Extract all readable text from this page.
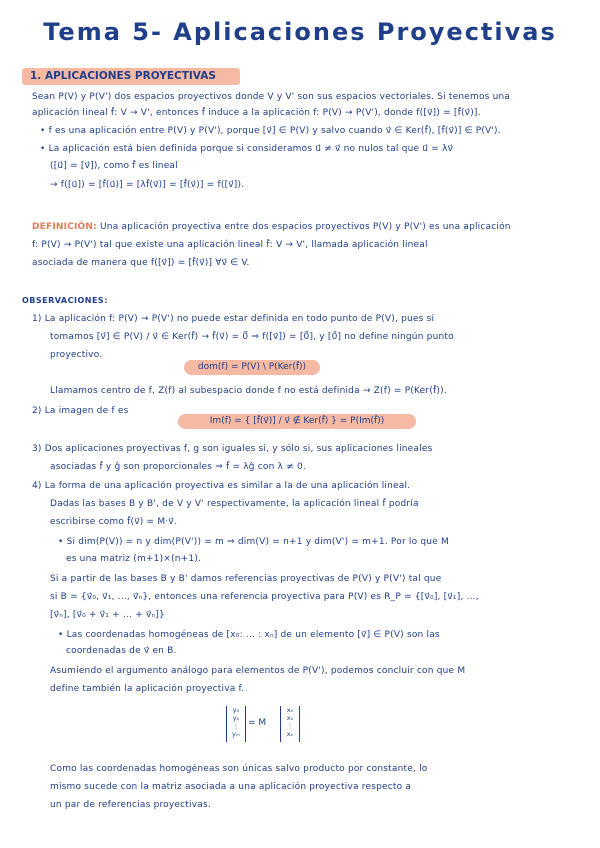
Tema 5- Aplicaciones Proyectivas
1. APLICACIONES PROYECTIVAS
Sean P(V) y P(V') dos espacios proyectivos donde V y V' son sus espacios vectoriales. Si tenemos una
aplicación lineal f̂: V → V', entonces f̂ induce a la aplicación f: P(V) → P(V'), donde f([v⃗]) = [f̂(v⃗)].
• f es una aplicación entre P(V) y P(V'), porque [v⃗] ∈ P(V) y salvo cuando v⃗ ∈ Ker(f̂), [f̂(v⃗)] ∈ P(V').
• La aplicación está bien definida porque si consideramos u⃗ ≠ v⃗ no nulos tal que u⃗ = λv⃗
([u⃗] = [v⃗]), como f̂ es lineal
→ f([u⃗]) = [f̂(u⃗)] = [λf̂(v⃗)] = [f̂(v⃗)] = f([v⃗]).
DEFINICIÓN: Una aplicación proyectiva entre dos espacios proyectivos P(V) y P(V') es una aplicación
f: P(V) → P(V') tal que existe una aplicación lineal f̂: V → V', llamada aplicación lineal
asociada de manera que f([v⃗]) = [f̂(v⃗)] ∀v⃗ ∈ V.
OBSERVACIONES:
1) La aplicación f: P(V) → P(V') no puede estar definida en todo punto de P(V), pues si
tomamos [v⃗] ∈ P(V) / v⃗ ∈ Ker(f̂) → f̂(v⃗) = 0⃗ ⇒ f([v⃗]) = [0⃗], y [0⃗] no define ningún punto
proyectivo.
dom(f) = P(V) \ P(Ker(f̂))
Llamamos centro de f, Z(f) al subespacio donde f no está definida → Z(f) = P(Ker(f̂)).
2) La imagen de f es
Im(f) = { [f̂(v⃗)] / v⃗ ∉ Ker(f̂) } = P(Im(f̂))
3) Dos aplicaciones proyectivas f, g son iguales si, y sólo si, sus aplicaciones lineales
asociadas f̂ y ĝ son proporcionales ⇒ f̂ = λĝ con λ ≠ 0.
4) La forma de una aplicación proyectiva es similar a la de una aplicación lineal.
Dadas las bases B y B', de V y V' respectivamente, la aplicación lineal f̂ podría
escribirse como f̂(v⃗) = M·v⃗.
• Si dim(P(V)) = n y dim(P(V')) = m ⇒ dim(V) = n+1 y dim(V') = m+1. Por lo que M
es una matriz (m+1)×(n+1).
Si a partir de las bases B y B' damos referencias proyectivas de P(V) y P(V') tal que
si B = {v⃗₀, v⃗₁, ..., v⃗ₙ}, entonces una referencia proyectiva para P(V) es R_P = {[v⃗₀], [v⃗₁], ...,
[v⃗ₙ], [v⃗₀ + v⃗₁ + ... + v⃗ₙ]}
• Las coordenadas homogéneas de [x₀: ... : xₙ] de un elemento [v⃗] ∈ P(V) son las
coordenadas de v⃗ en B.
Asumiendo el argumento análogo para elementos de P(V'), podemos concluir con que M
define también la aplicación proyectiva f.
y₀
y₁
⋮
yₘ
= M
x₀
x₁
⋮
xₙ
Como las coordenadas homogéneas son únicas salvo producto por constante, lo
mismo sucede con la matriz asociada a una aplicación proyectiva respecto a
un par de referencias proyectivas.
